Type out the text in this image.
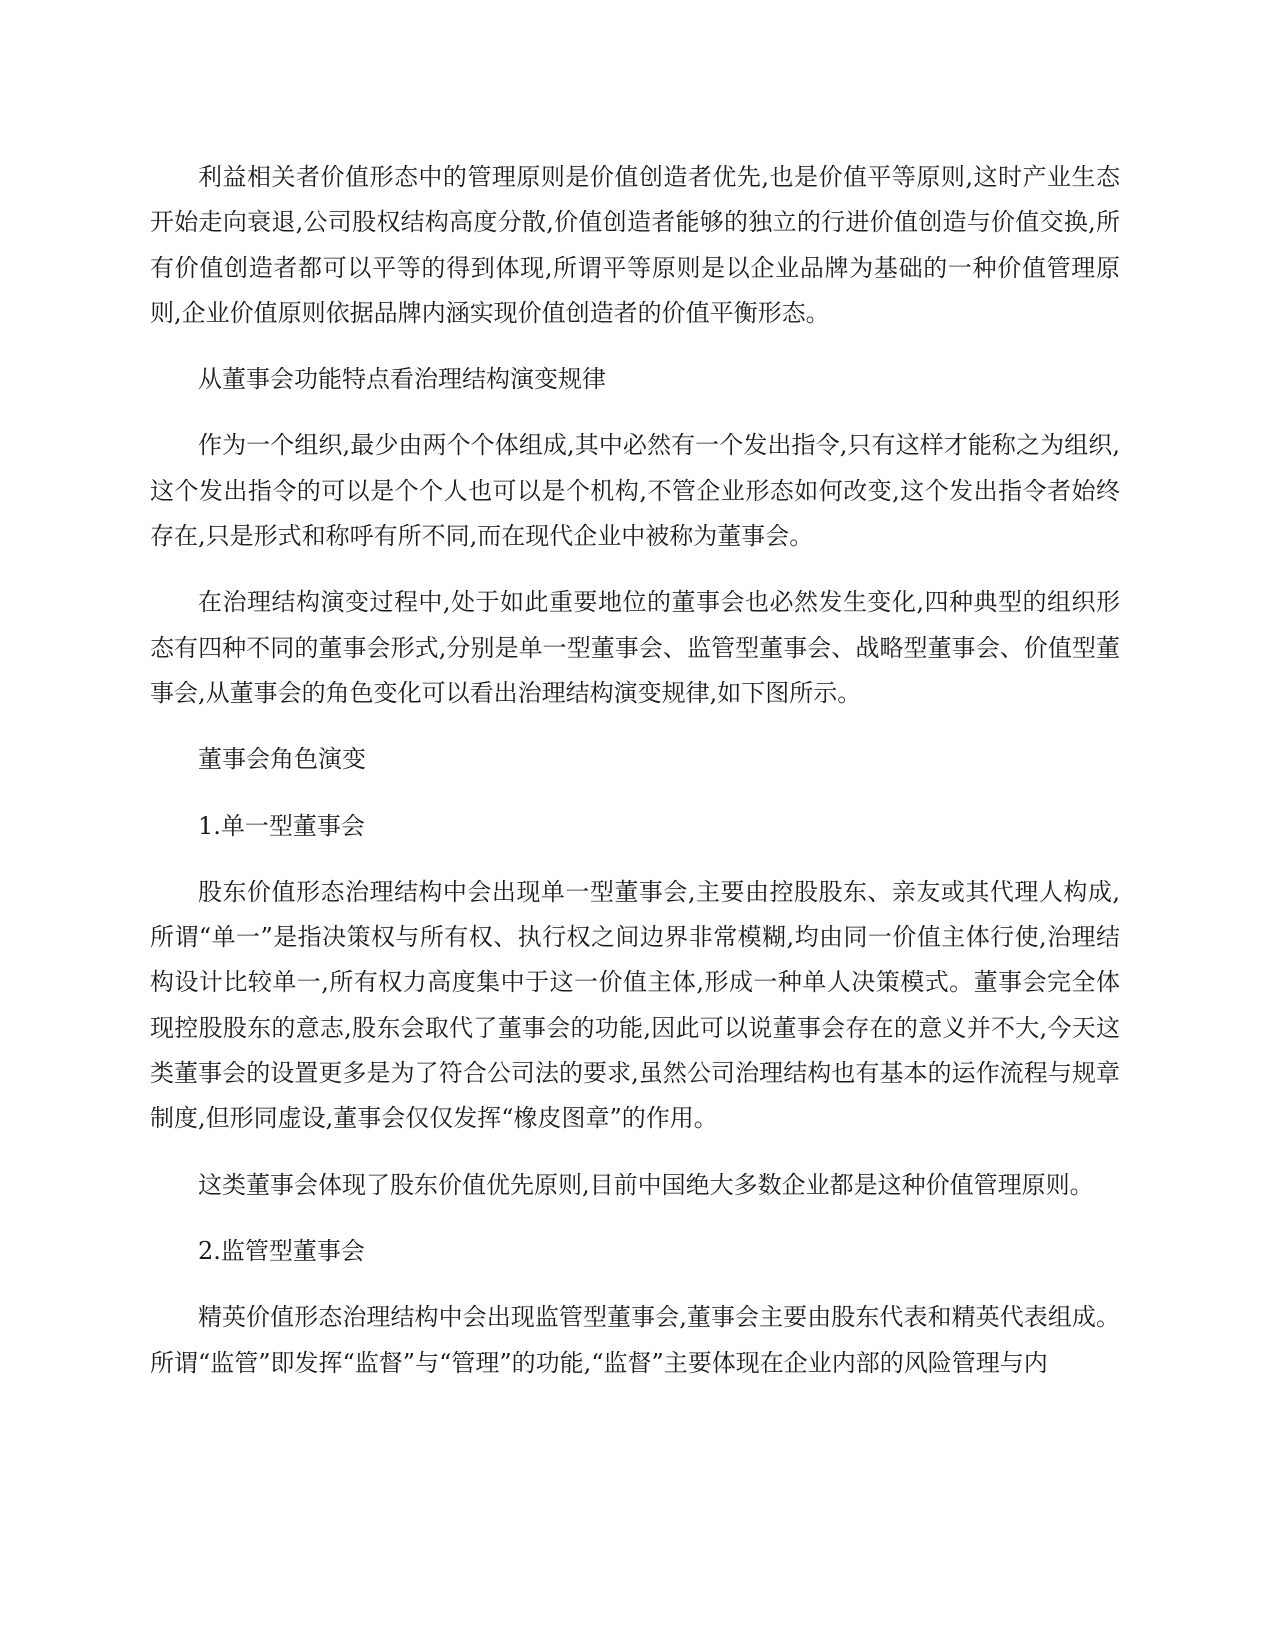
利益相关者价值形态中的管理原则是价值创造者优先,也是价值平等原则,这时产业生态开始走向衰退,公司股权结构高度分散,价值创造者能够的独立的行进价值创造与价值交换,所有价值创造者都可以平等的得到体现,所谓平等原则是以企业品牌为基础的一种价值管理原则,企业价值原则依据品牌内涵实现价值创造者的价值平衡形态。

从董事会功能特点看治理结构演变规律

作为一个组织,最少由两个个体组成,其中必然有一个发出指令,只有这样才能称之为组织,这个发出指令的可以是个个人也可以是个机构,不管企业形态如何改变,这个发出指令者始终存在,只是形式和称呼有所不同,而在现代企业中被称为董事会。

在治理结构演变过程中,处于如此重要地位的董事会也必然发生变化,四种典型的组织形态有四种不同的董事会形式,分别是单一型董事会、监管型董事会、战略型董事会、价值型董事会,从董事会的角色变化可以看出治理结构演变规律,如下图所示。

董事会角色演变

1.单一型董事会

股东价值形态治理结构中会出现单一型董事会,主要由控股股东、亲友或其代理人构成,所谓“单一”是指决策权与所有权、执行权之间边界非常模糊,均由同一价值主体行使,治理结构设计比较单一,所有权力高度集中于这一价值主体,形成一种单人决策模式。董事会完全体现控股股东的意志,股东会取代了董事会的功能,因此可以说董事会存在的意义并不大,今天这类董事会的设置更多是为了符合公司法的要求,虽然公司治理结构也有基本的运作流程与规章制度,但形同虚设,董事会仅仅发挥“橡皮图章”的作用。

这类董事会体现了股东价值优先原则,目前中国绝大多数企业都是这种价值管理原则。

2.监管型董事会

精英价值形态治理结构中会出现监管型董事会,董事会主要由股东代表和精英代表组成。所谓“监管”即发挥“监督”与“管理”的功能,“监督”主要体现在企业内部的风险管理与内
